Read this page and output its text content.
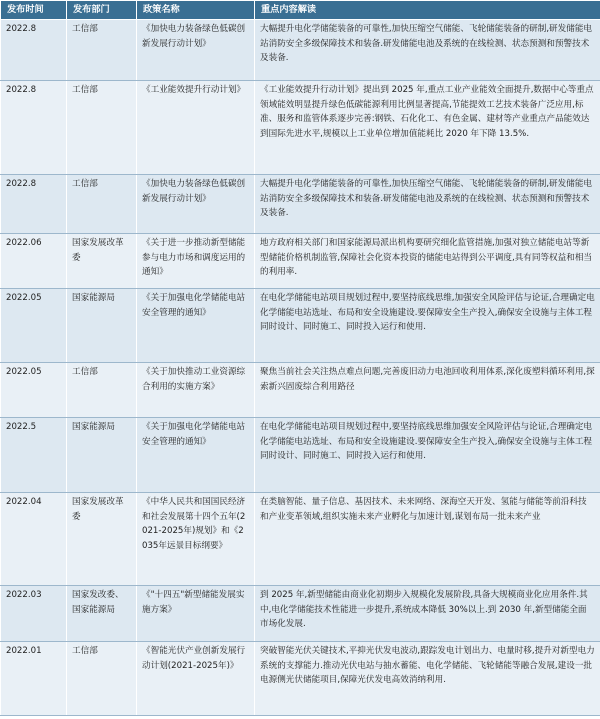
发布时间	发布部门	政策名称	重点内容解读
2022.8	工信部	《加快电力装备绿色低碳创新发展行动计划》	大幅提升电化学储能装备的可靠性,加快压缩空气储能、飞轮储能装备的研制,研发储能电站消防安全多级保障技术和装备.研发储能电池及系统的在线检测、状态预测和预警技术及装备.
2022.8	工信部	《工业能效提升行动计划》	《工业能效提升行动计划》提出到 2025 年,重点工业产业能效全面提升,数据中心等重点领域能效明显提升绿色低碳能源利用比例显著提高,节能提效工艺技术装备广泛应用,标准、服务和监管体系逐步完善:钢铁、石化化工、有色金属、建材等产业重点产品能效达到国际先进水平,规模以上工业单位增加值能耗比 2020 年下降 13.5%.
2022.8	工信部	《加快电力装备绿色低碳创新发展行动计划》	大幅提升电化学储能装备的可靠性,加快压缩空气储能、飞轮储能装备的研制,研发储能电站消防安全多级保障技术和装备.研发储能电池及系统的在线检测、状态预测和预警技术及装备.
2022.06	国家发展改革委	《关于进一步推动新型储能参与电力市场和调度运用的通知》	地方政府相关部门和国家能源局派出机构要研究细化监管措施,加强对独立储能电站等新型储能价格机制监管,保障社会化资本投资的储能电站得到公平调度,具有同等权益和相当的利用率.
2022.05	国家能源局	《关于加强电化学储能电站安全管理的通知》	在电化学储能电站项目规划过程中,要坚持底线思维,加强安全风险评估与论证,合理确定电化学储能电站选址、布局和安全设施建设.要保障安全生产投入,确保安全设施与主体工程同时设计、同时施工、同时投入运行和使用.
2022.05	工信部	《关于加快推动工业资源综合利用的实施方案》	聚焦当前社会关注热点难点问题,完善废旧动力电池回收利用体系,深化废塑料循环利用,探索新兴固废综合利用路径
2022.5	国家能源局	《关于加强电化学储能电站安全管理的通知》	在电化学储能电站项目规划过程中,要坚持底线思维加强安全风险评估与论证,合理确定电化学储能电站选址、布局和安全设施建设.要保障安全生产投入,确保安全设施与主体工程同时设计、同时施工、同时投入运行和使用.
2022.04	国家发展改革委	《中华人民共和国国民经济和社会发展第十四个五年(2021-2025年)规划》和《2035年远景目标纲要》	在类脑智能、量子信息、基因技术、未来网络、深海空天开发、氢能与储能等前沿科技和产业变革领域,组织实施未来产业孵化与加速计划,谋划布局一批未来产业
2022.03	国家发改委、国家能源局	《"十四五"新型储能发展实施方案》	到 2025 年,新型储能由商业化初期步入规模化发展阶段,具备大规模商业化应用条件.其中,电化学储能技术性能进一步提升,系统成本降低 30%以上.到 2030 年,新型储能全面市场化发展.
2022.01	工信部	《智能光伏产业创新发展行动计划(2021-2025年)》	突破智能光伏关键技术,平抑光伏发电波动,跟踪发电计划出力、电量时移,提升对新型电力系统的支撑能力.推动光伏电站与抽水蓄能、电化学储能、飞轮储能等融合发展,建设一批电源侧光伏储能项目,保障光伏发电高效消纳利用.
